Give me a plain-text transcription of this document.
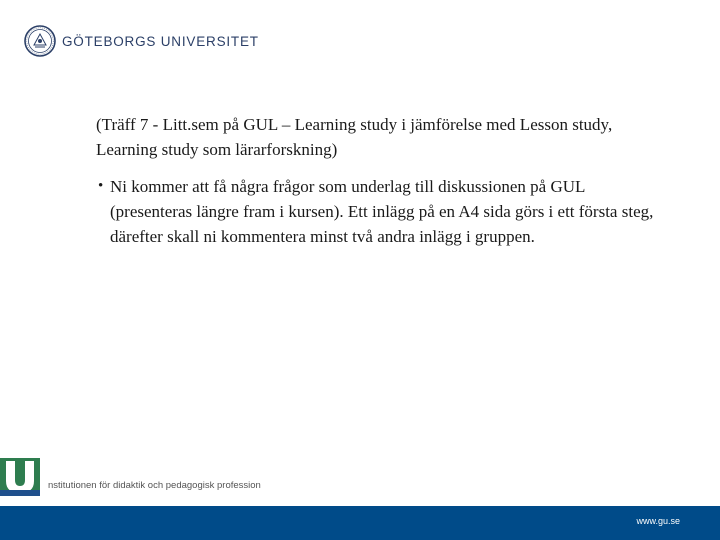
GÖTEBORGS UNIVERSITET

(Träff 7 - Litt.sem på GUL – Learning study i jämförelse med Lesson study, Learning study som lärarforskning)

• Ni kommer att få några frågor som underlag till diskussionen på GUL (presenteras längre fram i kursen). Ett inlägg på en A4 sida görs i ett första steg, därefter skall ni kommentera minst två andra inlägg i gruppen.
nstitutionen för didaktik och pedagogisk profession
www.gu.se
